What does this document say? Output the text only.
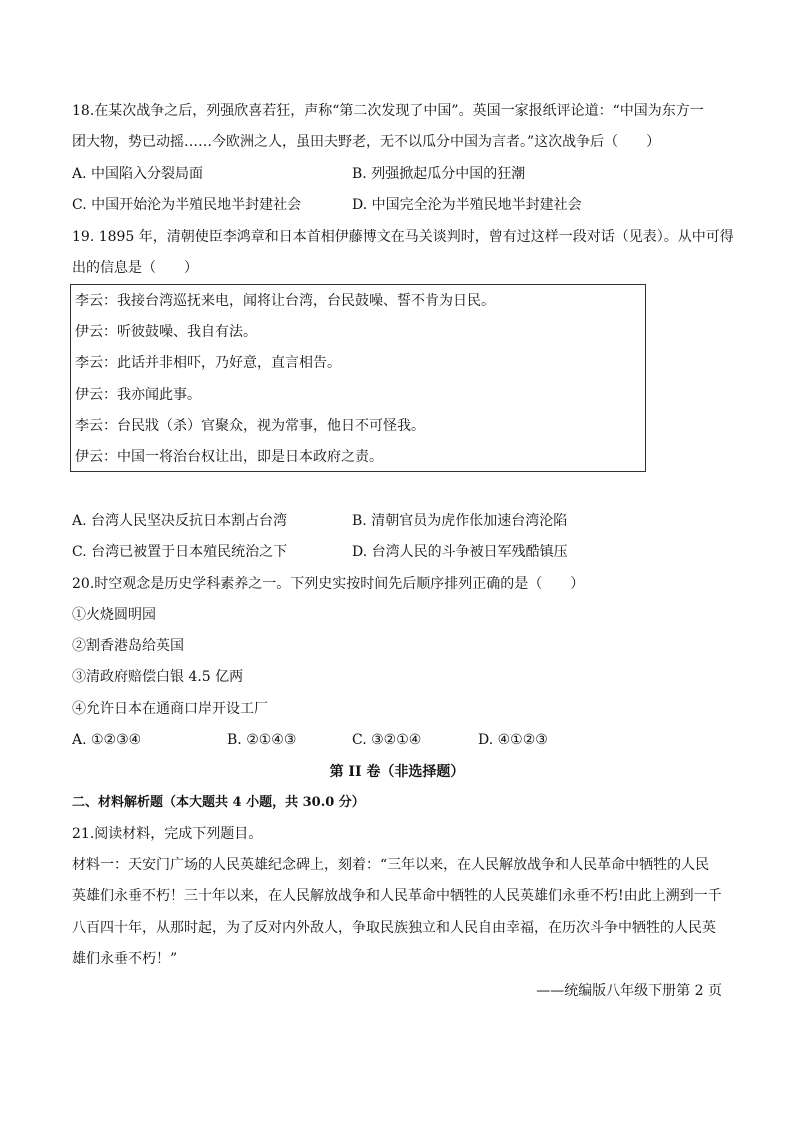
18.在某次战争之后，列强欣喜若狂，声称“第二次发现了中国”。英国一家报纸评论道：“中国为东方一
团大物，势已动摇……今欧洲之人，虽田夫野老，无不以瓜分中国为言者。”这次战争后（　　）
A. 中国陷入分裂局面	B. 列强掀起瓜分中国的狂潮
C. 中国开始沦为半殖民地半封建社会	D. 中国完全沦为半殖民地半封建社会
19. 1895 年，清朝使臣李鸿章和日本首相伊藤博文在马关谈判时，曾有过这样一段对话（见表）。从中可得
出的信息是（　　）
李云：我接台湾巡抚来电，闻将让台湾，台民鼓噪、誓不肯为日民。
伊云：听彼鼓噪、我自有法。
李云：此话并非相吓，乃好意，直言相告。
伊云：我亦闻此事。
李云：台民戕（杀）官聚众，视为常事，他日不可怪我。
伊云：中国一将治台权让出，即是日本政府之责。
A. 台湾人民坚决反抗日本割占台湾	B. 清朝官员为虎作伥加速台湾沦陷
C. 台湾已被置于日本殖民统治之下	D. 台湾人民的斗争被日军残酷镇压
20.时空观念是历史学科素养之一。下列史实按时间先后顺序排列正确的是（　　）
①火烧圆明园
②割香港岛给英国
③清政府赔偿白银 4.5 亿两
④允许日本在通商口岸开设工厂
A. ①②③④	B. ②①④③	C. ③②①④	D. ④①②③
第 II 卷（非选择题）
二、材料解析题（本大题共 4 小题，共 30.0 分）
21.阅读材料，完成下列题目。
材料一：天安门广场的人民英雄纪念碑上，刻着：“三年以来，在人民解放战争和人民革命中牺牲的人民
英雄们永垂不朽！三十年以来，在人民解放战争和人民革命中牺牲的人民英雄们永垂不朽!由此上溯到一千
八百四十年，从那时起，为了反对内外敌人，争取民族独立和人民自由幸福，在历次斗争中牺牲的人民英
雄们永垂不朽！”
——统编版八年级下册第 2 页
